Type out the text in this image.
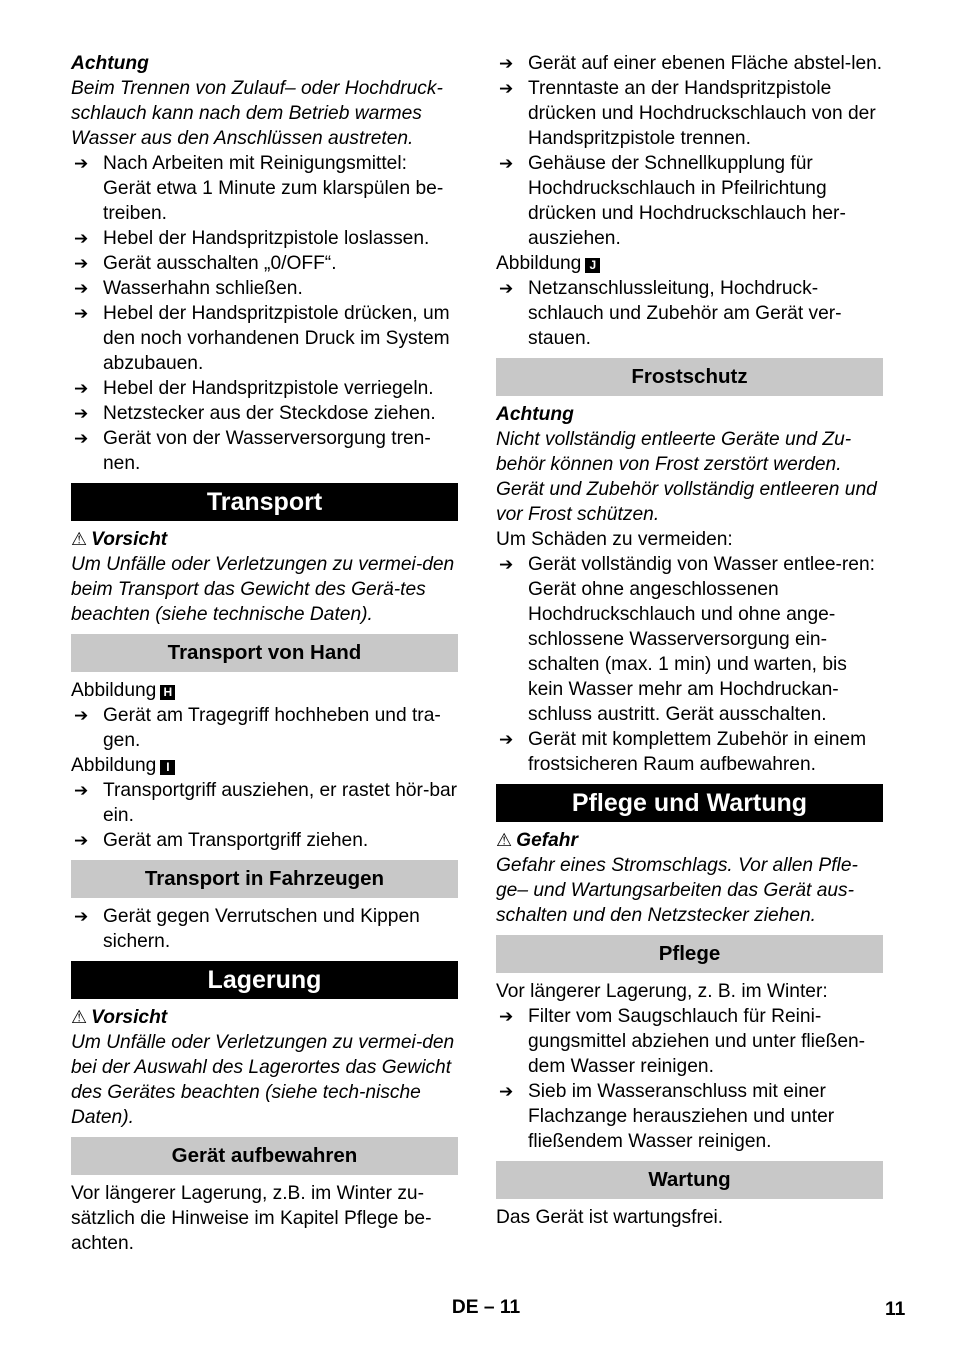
Achtung

Beim Trennen von Zulauf– oder Hochdruck-schlauch kann nach dem Betrieb warmes Wasser aus den Anschlüssen austreten.

➔ Nach Arbeiten mit Reinigungsmittel: Gerät etwa 1 Minute zum klarspülen be-treiben.
➔ Hebel der Handspritzpistole loslassen.
➔ Gerät ausschalten „0/OFF“.
➔ Wasserhahn schließen.
➔ Hebel der Handspritzpistole drücken, um den noch vorhandenen Druck im System abzubauen.
➔ Hebel der Handspritzpistole verriegeln.
➔ Netzstecker aus der Steckdose ziehen.
➔ Gerät von der Wasserversorgung tren-nen.
Transport

⚠ Vorsicht

Um Unfälle oder Verletzungen zu vermei-den beim Transport das Gewicht des Gerä-tes beachten (siehe technische Daten).

Transport von Hand

Abbildung H

➔ Gerät am Tragegriff hochheben und tra-gen.

Abbildung I

➔ Transportgriff ausziehen, er rastet hör-bar ein.
➔ Gerät am Transportgriff ziehen.
Transport in Fahrzeugen
➔ Gerät gegen Verrutschen und Kippen sichern.
Lagerung

⚠ Vorsicht

Um Unfälle oder Verletzungen zu vermei-den bei der Auswahl des Lagerortes das Gewicht des Gerätes beachten (siehe tech-nische Daten).

Gerät aufbewahren

Vor längerer Lagerung, z.B. im Winter zu-sätzlich die Hinweise im Kapitel Pflege be-achten.

➔ Gerät auf einer ebenen Fläche abstel-len.
➔ Trenntaste an der Handspritzpistole drücken und Hochdruckschlauch von der Handspritzpistole trennen.
➔ Gehäuse der Schnellkupplung für Hochdruckschlauch in Pfeilrichtung drücken und Hochdruckschlauch her-ausziehen.

Abbildung J

➔ Netzanschlussleitung, Hochdruck-schlauch und Zubehör am Gerät ver-stauen.
Frostschutz

Achtung

Nicht vollständig entleerte Geräte und Zu-behör können von Frost zerstört werden. Gerät und Zubehör vollständig entleeren und vor Frost schützen.

Um Schäden zu vermeiden:

➔ Gerät vollständig von Wasser entlee-ren: Gerät ohne angeschlossenen Hochdruckschlauch und ohne ange-schlossene Wasserversorgung ein-schalten (max. 1 min) und warten, bis kein Wasser mehr am Hochdruckan-schluss austritt. Gerät ausschalten.
➔ Gerät mit komplettem Zubehör in einem frostsicheren Raum aufbewahren.
Pflege und Wartung

⚠ Gefahr

Gefahr eines Stromschlags. Vor allen Pfle-ge– und Wartungsarbeiten das Gerät aus-schalten und den Netzstecker ziehen.

Pflege

Vor längerer Lagerung, z. B. im Winter:

➔ Filter vom Saugschlauch für Reini-gungsmittel abziehen und unter fließen-dem Wasser reinigen.
➔ Sieb im Wasseranschluss mit einer Flachzange herausziehen und unter fließendem Wasser reinigen.
Wartung

Das Gerät ist wartungsfrei.

DE – 11	11
